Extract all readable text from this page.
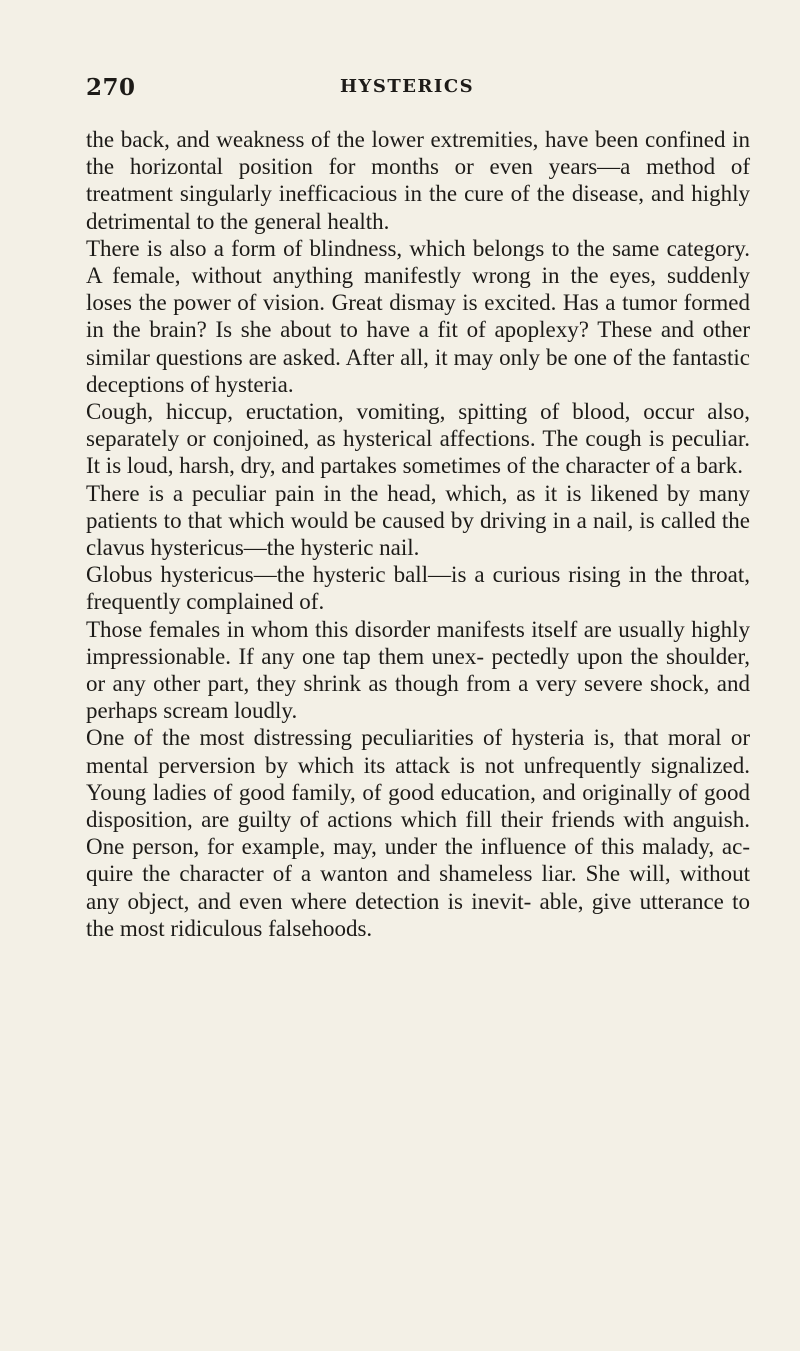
270	HYSTERICS

the back, and weakness of the lower extremities, have been confined in the horizontal position for months or even years—a method of treatment singularly inefficacious in the cure of the disease, and highly detrimental to the general health.

There is also a form of blindness, which belongs to the same category. A female, without anything manifestly wrong in the eyes, suddenly loses the power of vision. Great dismay is excited. Has a tumor formed in the brain? Is she about to have a fit of apoplexy? These and other similar questions are asked. After all, it may only be one of the fantastic deceptions of hysteria.

Cough, hiccup, eructation, vomiting, spitting of blood, occur also, separately or conjoined, as hysterical affections. The cough is peculiar. It is loud, harsh, dry, and partakes sometimes of the character of a bark.

There is a peculiar pain in the head, which, as it is likened by many patients to that which would be caused by driving in a nail, is called the clavus hystericus—the hysteric nail.

Globus hystericus—the hysteric ball—is a curious rising in the throat, frequently complained of.

Those females in whom this disorder manifests itself are usually highly impressionable. If any one tap them unex- pectedly upon the shoulder, or any other part, they shrink as though from a very severe shock, and perhaps scream loudly.

One of the most distressing peculiarities of hysteria is, that moral or mental perversion by which its attack is not unfrequently signalized. Young ladies of good family, of good education, and originally of good disposition, are guilty of actions which fill their friends with anguish. One person, for example, may, under the influence of this malady, ac- quire the character of a wanton and shameless liar. She will, without any object, and even where detection is inevit- able, give utterance to the most ridiculous falsehoods.
